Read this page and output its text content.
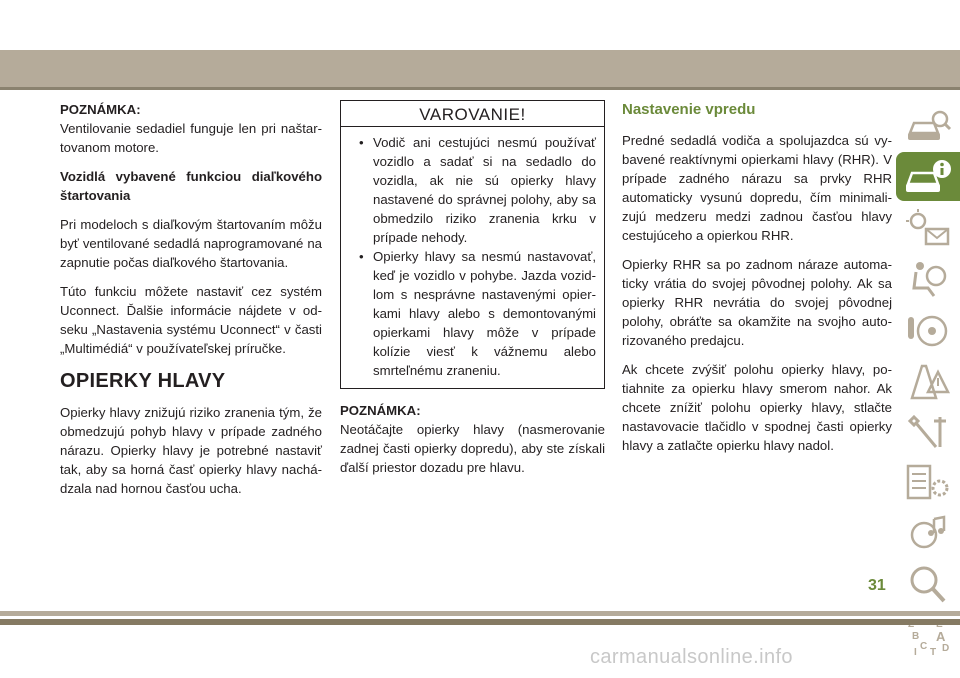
POZNÁMKA:

Ventilovanie sedadiel funguje len pri naštartovanom motore.

Vozidlá vybavené funkciou diaľkového štartovania

Pri modeloch s diaľkovým štartovaním môžu byť ventilované sedadlá naprogramované na zapnutie počas diaľkového štartovania.

Túto funkciu môžete nastaviť cez systém Uconnect. Ďalšie informácie nájdete v odseku „Nastavenia systému Uconnect“ v časti „Multimédiá“ v používateľskej príručke.

OPIERKY HLAVY

Opierky hlavy znižujú riziko zranenia tým, že obmedzujú pohyb hlavy v prípade zadného nárazu. Opierky hlavy je potrebné nastaviť tak, aby sa horná časť opierky hlavy nachádzala nad hornou časťou ucha.

VAROVANIE!
• Vodič ani cestujúci nesmú používať vozidlo a sadať si na sedadlo do vozidla, ak nie sú opierky hlavy nastavené do správnej polohy, aby sa obmedzilo riziko zranenia krku v prípade nehody.
• Opierky hlavy sa nesmú nastavovať, keď je vozidlo v pohybe. Jazda vozidlom s nesprávne nastavenými opierkami hlavy alebo s demontovanými opierkami hlavy môže v prípade kolízie viesť k vážnemu alebo smrteľnému zraneniu.
POZNÁMKA:

Neotáčajte opierky hlavy (nasmerovanie zadnej časti opierky dopredu), aby ste získali ďalší priestor dozadu pre hlavu.

Nastavenie vpredu

Predné sedadlá vodiča a spolujazdca sú vybavené reaktívnymi opierkami hlavy (RHR). V prípade zadného nárazu sa prvky RHR automaticky vysunú dopredu, čím minimalizujú medzeru medzi zadnou časťou hlavy cestujúceho a opierkou RHR.

Opierky RHR sa po zadnom náraze automaticky vrátia do svojej pôvodnej polohy. Ak sa opierky RHR nevrátia do svojej pôvodnej polohy, obráťte sa okamžite na svojho autorizovaného predajcu.

Ak chcete zvýšiť polohu opierky hlavy, potiahnite za opierku hlavy smerom nahor. Ak chcete znížiť polohu opierky hlavy, stlačte nastavovacie tlačidlo v spodnej časti opierky hlavy a zatlačte opierku hlavy nadol.

B A
C D
I T
31
carmanualsonline.info
